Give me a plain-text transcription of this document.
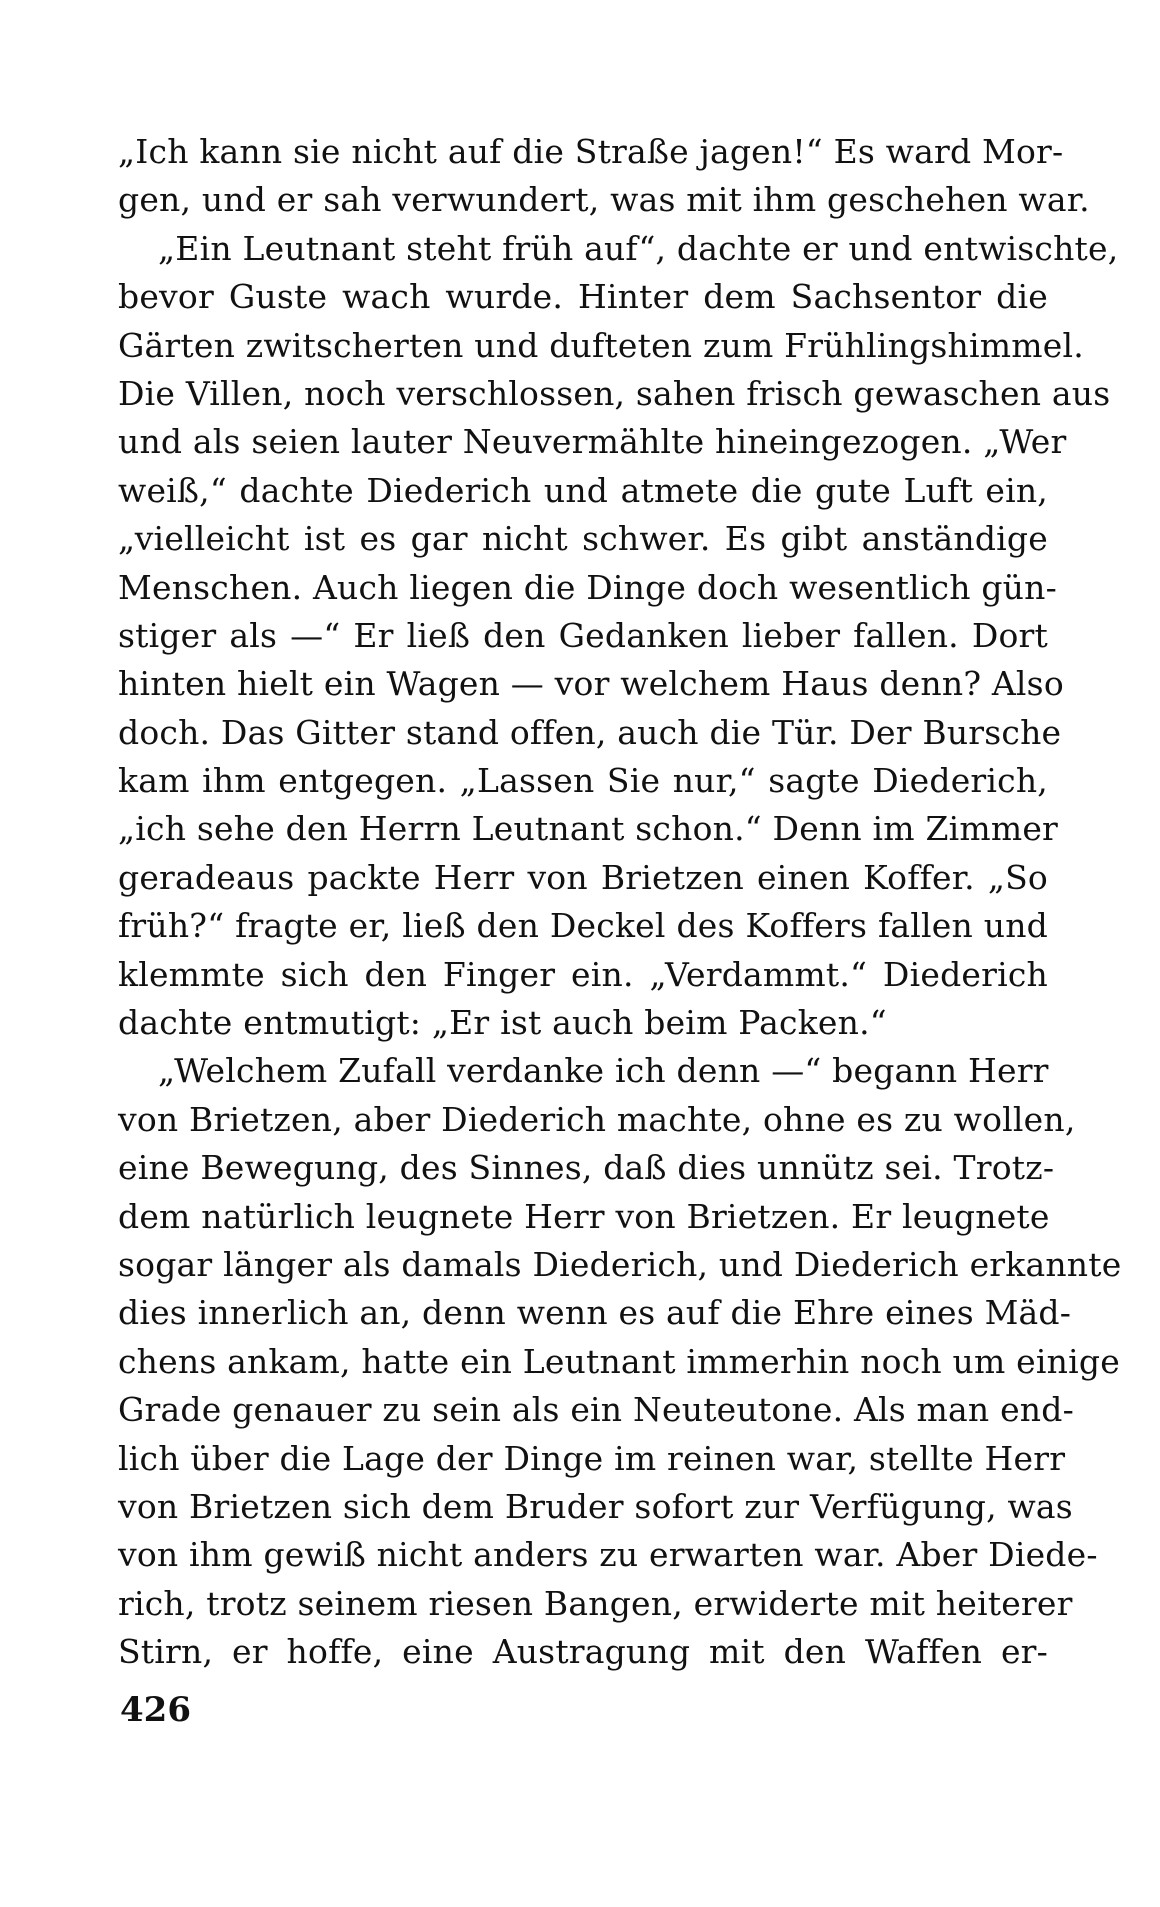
„Ich kann sie nicht auf die Straße jagen!“ Es ward Mor-
gen, und er sah verwundert, was mit ihm geschehen war.
„Ein Leutnant steht früh auf“, dachte er und entwischte,
bevor Guste wach wurde. Hinter dem Sachsentor die
Gärten zwitscherten und dufteten zum Frühlingshimmel.
Die Villen, noch verschlossen, sahen frisch gewaschen aus
und als seien lauter Neuvermählte hineingezogen. „Wer
weiß,“ dachte Diederich und atmete die gute Luft ein,
„vielleicht ist es gar nicht schwer. Es gibt anständige
Menschen. Auch liegen die Dinge doch wesentlich gün-
stiger als —“ Er ließ den Gedanken lieber fallen. Dort
hinten hielt ein Wagen — vor welchem Haus denn? Also
doch. Das Gitter stand offen, auch die Tür. Der Bursche
kam ihm entgegen. „Lassen Sie nur,“ sagte Diederich,
„ich sehe den Herrn Leutnant schon.“ Denn im Zimmer
geradeaus packte Herr von Brietzen einen Koffer. „So
früh?“ fragte er, ließ den Deckel des Koffers fallen und
klemmte sich den Finger ein. „Verdammt.“ Diederich
dachte entmutigt: „Er ist auch beim Packen.“
„Welchem Zufall verdanke ich denn —“ begann Herr
von Brietzen, aber Diederich machte, ohne es zu wollen,
eine Bewegung, des Sinnes, daß dies unnütz sei. Trotz-
dem natürlich leugnete Herr von Brietzen. Er leugnete
sogar länger als damals Diederich, und Diederich erkannte
dies innerlich an, denn wenn es auf die Ehre eines Mäd-
chens ankam, hatte ein Leutnant immerhin noch um einige
Grade genauer zu sein als ein Neuteutone. Als man end-
lich über die Lage der Dinge im reinen war, stellte Herr
von Brietzen sich dem Bruder sofort zur Verfügung, was
von ihm gewiß nicht anders zu erwarten war. Aber Diede-
rich, trotz seinem riesen Bangen, erwiderte mit heiterer
Stirn, er hoffe, eine Austragung mit den Waffen er-
426
